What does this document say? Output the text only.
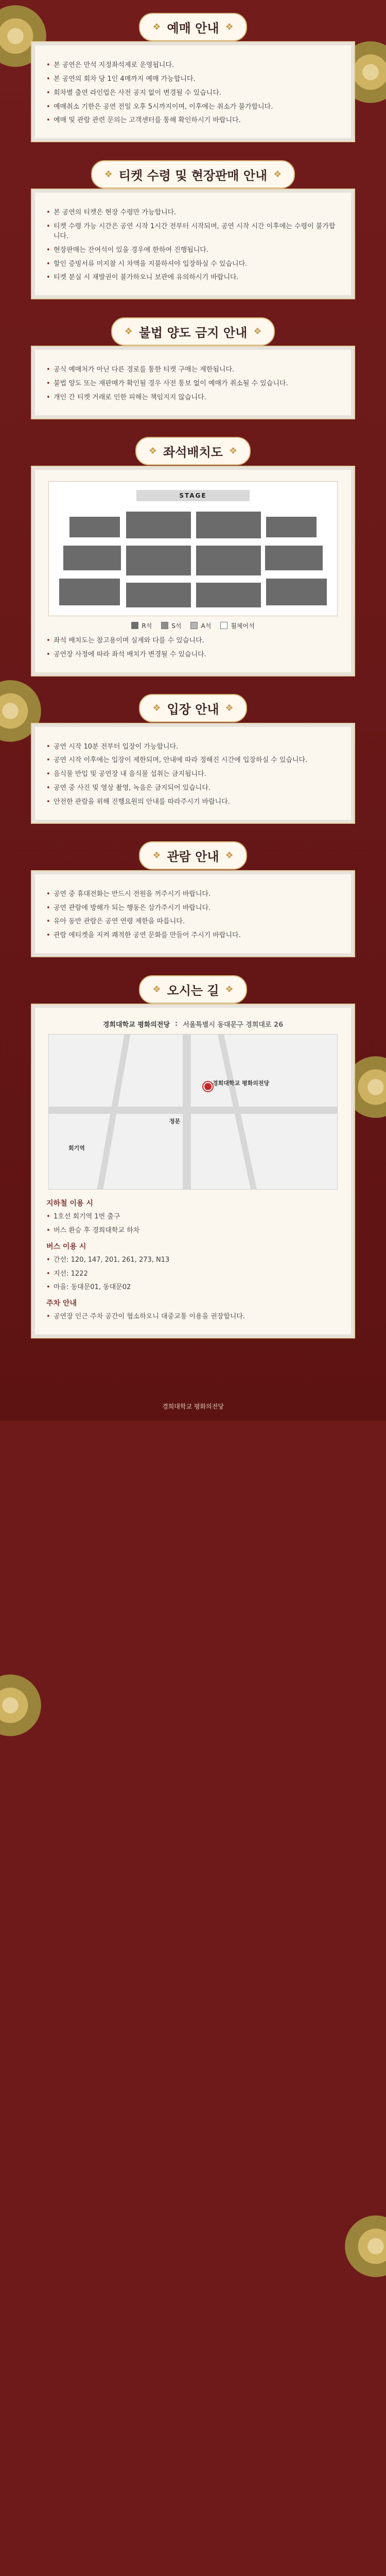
❖ 예매 안내 ❖
• 본 공연은 만석 지정좌석제로 운영됩니다.
• 본 공연의 회차 당 1인 4매까지 예매 가능합니다.
• 회차별 출연 라인업은 사전 공지 없이 변경될 수 있습니다.
• 예매취소 기한은 공연 전일 오후 5시까지이며, 이후에는 취소가 불가합니다.
• 예매 및 관람 관련 문의는 고객센터를 통해 확인하시기 바랍니다.
❖ 티켓 수령 및 현장판매 안내 ❖
• 본 공연의 티켓은 현장 수령만 가능합니다.
• 티켓 수령 가능 시간은 공연 시작 1시간 전부터 시작되며, 공연 시작 시간 이후에는 수령이 불가합니다.
• 현장판매는 잔여석이 있을 경우에 한하여 진행됩니다.
• 할인 증빙서류 미지참 시 차액을 지불하셔야 입장하실 수 있습니다.
• 티켓 분실 시 재발권이 불가하오니 보관에 유의하시기 바랍니다.
❖ 불법 양도 금지 안내 ❖
• 공식 예매처가 아닌 다른 경로를 통한 티켓 구매는 제한됩니다.
• 불법 양도 또는 재판매가 확인될 경우 사전 통보 없이 예매가 취소될 수 있습니다.
• 개인 간 티켓 거래로 인한 피해는 책임지지 않습니다.
❖ 좌석배치도 ❖
STAGE
R석	S석	A석	휠체어석
• 좌석 배치도는 참고용이며 실제와 다를 수 있습니다.
• 공연장 사정에 따라 좌석 배치가 변경될 수 있습니다.
❖ 입장 안내 ❖
• 공연 시작 10분 전부터 입장이 가능합니다.
• 공연 시작 이후에는 입장이 제한되며, 안내에 따라 정해진 시간에 입장하실 수 있습니다.
• 음식물 반입 및 공연장 내 음식물 섭취는 금지됩니다.
• 공연 중 사진 및 영상 촬영, 녹음은 금지되어 있습니다.
• 안전한 관람을 위해 진행요원의 안내를 따라주시기 바랍니다.
❖ 관람 안내 ❖
• 공연 중 휴대전화는 반드시 전원을 꺼주시기 바랍니다.
• 공연 관람에 방해가 되는 행동은 삼가주시기 바랍니다.
• 유아 동반 관람은 공연 연령 제한을 따릅니다.
• 관람 에티켓을 지켜 쾌적한 공연 문화를 만들어 주시기 바랍니다.
❖ 오시는 길 ❖
경희대학교 평화의전당 : 서울특별시 동대문구 경희대로 26
경희대학교 평화의전당
회기역
정문
지하철 이용 시
• 1호선 회기역 1번 출구
• 버스 환승 후 경희대학교 하차
버스 이용 시
• 간선: 120, 147, 201, 261, 273, N13
• 지선: 1222
• 마을: 동대문01, 동대문02
주차 안내
• 공연장 인근 주차 공간이 협소하오니 대중교통 이용을 권장합니다.
경희대학교 평화의전당
